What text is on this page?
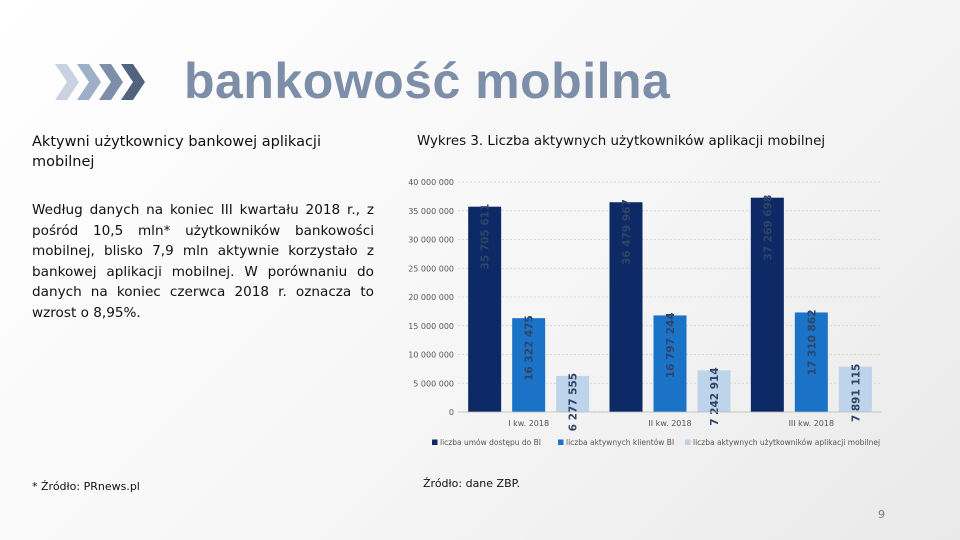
bankowość mobilna
Aktywni użytkownicy bankowej aplikacji mobilnej

Według danych na koniec III kwartału 2018 r., z pośród 10,5 mln* użytkowników bankowości mobilnej, blisko 7,9 mln aktywnie korzystało z bankowej aplikacji mobilnej. W porównaniu do danych na koniec czerwca 2018 r. oznacza to wzrost o 8,95%.

* Źródło: PRnews.pl
Wykres 3. Liczba aktywnych użytkowników aplikacji mobilnej
0
5 000 000
10 000 000
15 000 000
20 000 000
25 000 000
30 000 000
35 000 000
40 000 000
35 705 611
16 322 475
6 277 555
I kw. 2018
36 479 967
16 797 244
7 242 914
II kw. 2018
37 269 698
17 310 862
7 891 115
III kw. 2018
liczba umów dostępu do BI	liczba aktywnych klientów BI	liczba aktywnych użytkowników aplikacji mobilnej
Źródło: dane ZBP.
9
